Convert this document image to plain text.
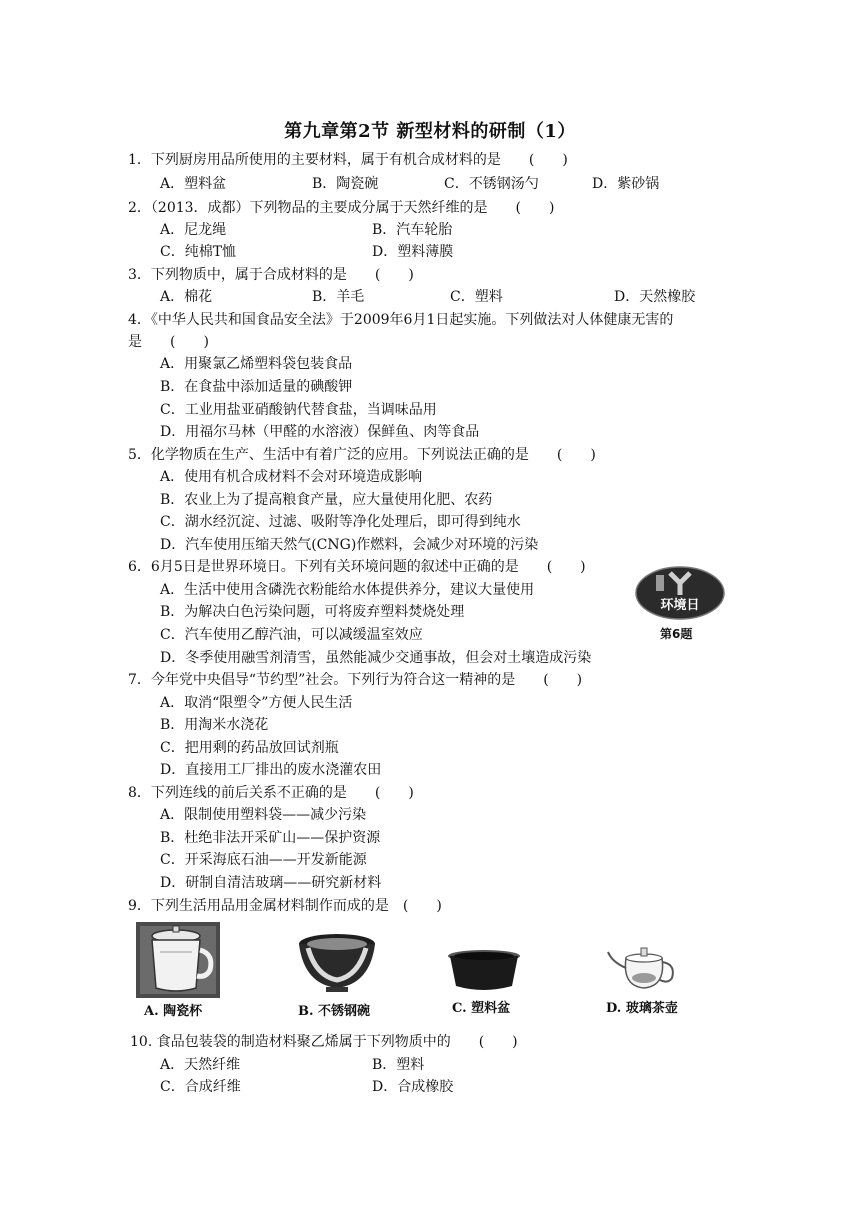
第九章第2节 新型材料的研制（1）
1．下列厨房用品所使用的主要材料，属于有机合成材料的是　　(　　)
A．塑料盆	B．陶瓷碗	C．不锈钢汤勺	D．紫砂锅
2．（2013．成都）下列物品的主要成分属于天然纤维的是　　(　　)
A．尼龙绳	B．汽车轮胎
C．纯棉T恤	D．塑料薄膜
3．下列物质中，属于合成材料的是　　(　　)
A．棉花	B．羊毛	C．塑料	D．天然橡胶
4．《中华人民共和国食品安全法》于2009年6月1日起实施。下列做法对人体健康无害的
是　　(　　)
A．用聚氯乙烯塑料袋包装食品
B．在食盐中添加适量的碘酸钾
C．工业用盐亚硝酸钠代替食盐，当调味品用
D．用福尔马林（甲醛的水溶液）保鲜鱼、肉等食品
5．化学物质在生产、生活中有着广泛的应用。下列说法正确的是　　(　　)
A．使用有机合成材料不会对环境造成影响
B．农业上为了提高粮食产量，应大量使用化肥、农药
C．湖水经沉淀、过滤、吸附等净化处理后，即可得到纯水
D．汽车使用压缩天然气(CNG)作燃料，会减少对环境的污染
6．6月5日是世界环境日。下列有关环境问题的叙述中正确的是　　(　　)
A．生活中使用含磷洗衣粉能给水体提供养分，建议大量使用
B．为解决白色污染问题，可将废弃塑料焚烧处理
C．汽车使用乙醇汽油，可以减缓温室效应
D．冬季使用融雪剂清雪，虽然能减少交通事故，但会对土壤造成污染
环境日
第6题
7．今年党中央倡导“节约型”社会。下列行为符合这一精神的是　　(　　)
A．取消“限塑令”方便人民生活
B．用淘米水浇花
C．把用剩的药品放回试剂瓶
D．直接用工厂排出的废水浇灌农田
8．下列连线的前后关系不正确的是　　(　　)
A．限制使用塑料袋——减少污染
B．杜绝非法开采矿山——保护资源
C．开采海底石油——开发新能源
D．研制自清洁玻璃——研究新材料
9．下列生活用品用金属材料制作而成的是　(　　)
A. 陶瓷杯	B. 不锈钢碗	C. 塑料盆	D. 玻璃茶壶
10. 食品包装袋的制造材料聚乙烯属于下列物质中的　　(　　)
A．天然纤维	B．塑料
C．合成纤维	D．合成橡胶
